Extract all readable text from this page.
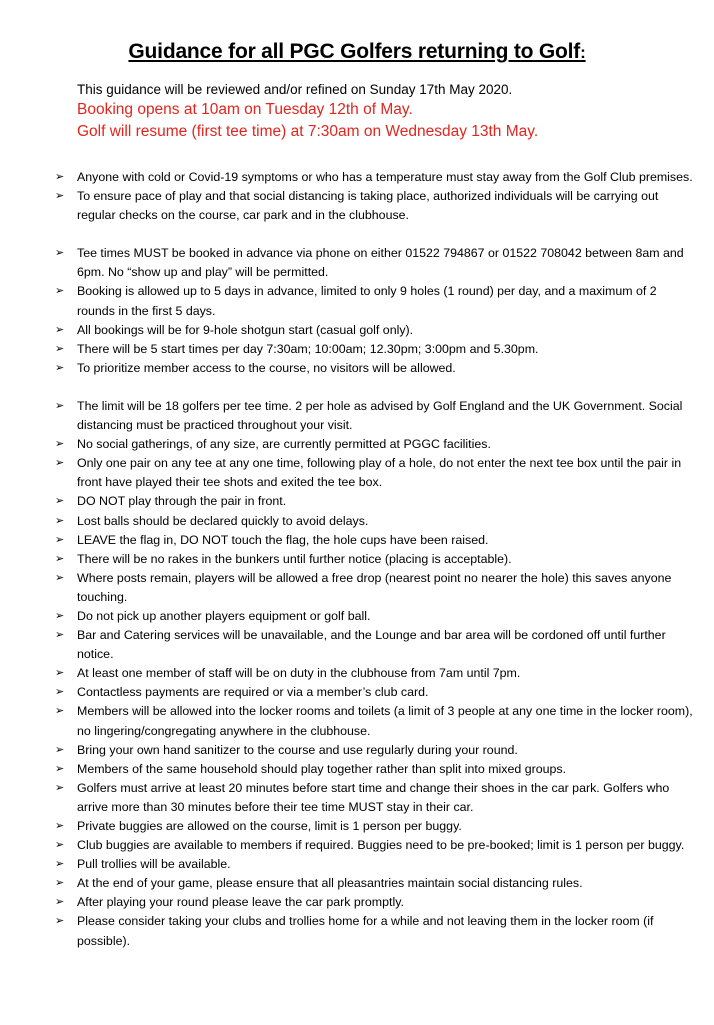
Guidance for all PGC Golfers returning to Golf:
This guidance will be reviewed and/or refined on Sunday 17th May 2020.
Booking opens at 10am on Tuesday 12th of May.
Golf will resume (first tee time) at 7:30am on Wednesday 13th May.
➢	Anyone with cold or Covid-19 symptoms or who has a temperature must stay away from the Golf Club premises.
➢	To ensure pace of play and that social distancing is taking place, authorized individuals will be carrying out regular checks on the course, car park and in the clubhouse.
➢	Tee times MUST be booked in advance via phone on either 01522 794867 or 01522 708042 between 8am and 6pm. No “show up and play” will be permitted.
➢	Booking is allowed up to 5 days in advance, limited to only 9 holes (1 round) per day, and a maximum of 2 rounds in the first 5 days.
➢	All bookings will be for 9-hole shotgun start (casual golf only).
➢	There will be 5 start times per day 7:30am; 10:00am; 12.30pm; 3:00pm and 5.30pm.
➢	To prioritize member access to the course, no visitors will be allowed.
➢	The limit will be 18 golfers per tee time. 2 per hole as advised by Golf England and the UK Government. Social distancing must be practiced throughout your visit.
➢	No social gatherings, of any size, are currently permitted at PGGC facilities.
➢	Only one pair on any tee at any one time, following play of a hole, do not enter the next tee box until the pair in front have played their tee shots and exited the tee box.
➢	DO NOT play through the pair in front.
➢	Lost balls should be declared quickly to avoid delays.
➢	LEAVE the flag in, DO NOT touch the flag, the hole cups have been raised.
➢	There will be no rakes in the bunkers until further notice (placing is acceptable).
➢	Where posts remain, players will be allowed a free drop (nearest point no nearer the hole) this saves anyone touching.
➢	Do not pick up another players equipment or golf ball.
➢	Bar and Catering services will be unavailable, and the Lounge and bar area will be cordoned off until further notice.
➢	At least one member of staff will be on duty in the clubhouse from 7am until 7pm.
➢	Contactless payments are required or via a member’s club card.
➢	Members will be allowed into the locker rooms and toilets (a limit of 3 people at any one time in the locker room), no lingering/congregating anywhere in the clubhouse.
➢	Bring your own hand sanitizer to the course and use regularly during your round.
➢	Members of the same household should play together rather than split into mixed groups.
➢	Golfers must arrive at least 20 minutes before start time and change their shoes in the car park. Golfers who arrive more than 30 minutes before their tee time MUST stay in their car.
➢	Private buggies are allowed on the course, limit is 1 person per buggy.
➢	Club buggies are available to members if required. Buggies need to be pre-booked; limit is 1 person per buggy.
➢	Pull trollies will be available.
➢	At the end of your game, please ensure that all pleasantries maintain social distancing rules.
➢	After playing your round please leave the car park promptly.
➢	Please consider taking your clubs and trollies home for a while and not leaving them in the locker room (if possible).
